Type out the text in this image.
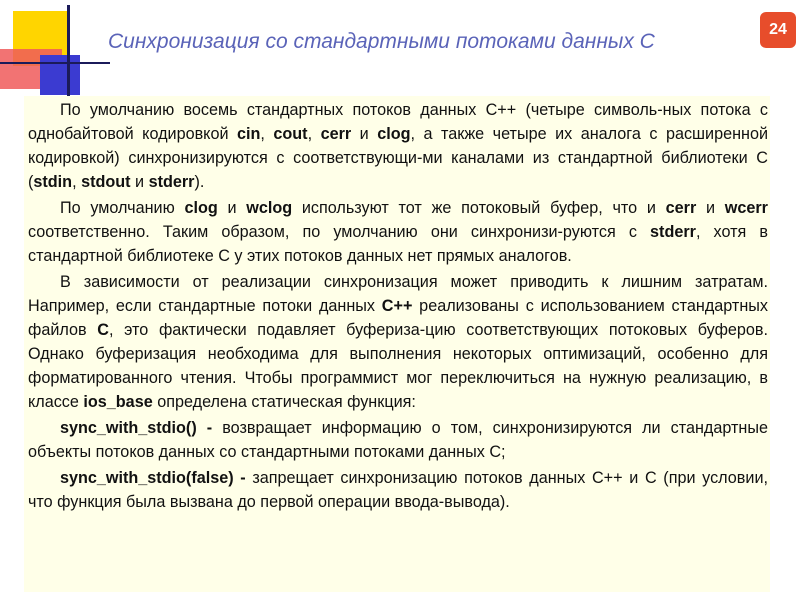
Синхронизация со стандартными потоками данных С
24

По умолчанию восемь стандартных потоков данных С++ (четыре символь-ных потока с однобайтовой кодировкой cin, cout, cerr и clog, а также четыре их аналога с расширенной кодировкой) синхронизируются с соответствующи-ми каналами из стандартной библиотеки С (stdin, stdout и stderr).

По умолчанию clog и wclog используют тот же потоковый буфер, что и cerr и wcerr соответственно. Таким образом, по умолчанию они синхронизи-руются с stderr, хотя в стандартной библиотеке С у этих потоков данных нет прямых аналогов.

В зависимости от реализации синхронизация может приводить к лишним затратам. Например, если стандартные потоки данных С++ реализованы с использованием стандартных файлов С, это фактически подавляет буфериза-цию соответствующих потоковых буферов. Однако буферизация необходима для выполнения некоторых оптимизаций, особенно для форматированного чтения. Чтобы программист мог переключиться на нужную реализацию, в классе ios_base определена статическая функция:

sync_with_stdio() - возвращает информацию о том, синхронизируются ли стандартные объекты потоков данных со стандартными потоками данных С;

sync_with_stdio(false) - запрещает синхронизацию потоков данных С++ и С (при условии, что функция была вызвана до первой операции ввода-вывода).
